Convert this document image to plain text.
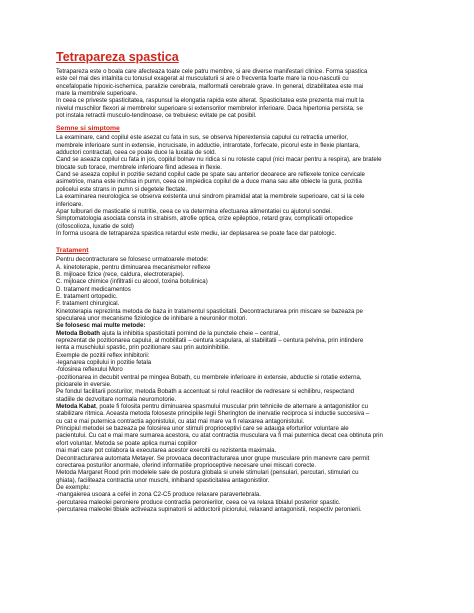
Tetrapareza spastica
Tetrapareza este o boala care afecteaza toate cele patru membre, si are diverse manifestari clinice. Forma spastica
este cel mai des intalnita cu tonusul exagerat al musculaturii si are o frecventa foarte mare la nou-nascutii cu
encefalopatie hipoxic-ischemica, paralizie cerebrala, malformatii cerebrale grave. In general, dizabilitatea este mai
mare la membrele superioare.
In ceea ce priveste spasticitatea, raspunsul la elongatia rapida este alterat. Spasticitatea este prezenta mai mult la
nivelul muschilor flexori ai membrelor superioare si extensorilor membrelor inferioare. Daca hipertonia persista, se
pot instala retractii musculo-tendinoase, ce trebuiesc evitate pe cat posibil.
Semne si simptome
La examinare, cand copilul este asezat cu fata in sus, se observa hiperextensia capului cu retractia umerilor,
membrele inferioare sunt in extensie, incrucisate, in adductie, intrarotate, forfecate, picorul este in flexie plantara,
adductori contractati, ceea ce poate duce la luxatia de sold.
Cand se aseaza copilul cu fata in jos, copilul bolnav nu ridica si nu roteste capul (nici macar pentru a respira), are bratele
blocate sub torace, membrele inferioare fiind adesea in flexie.
Cand se aseaza copilul in pozitie sezand copilul cade pe spate sau anterior deoarece are reflexele tonice cervicale
asimetrice, mana este inchisa in pumn, ceea ce impiedica copilul de a duce mana sau alte obiecte la gura, pozitia
policelui este strans in pumn si degetele flectate.
La examinarea neurologica se observa existenta unui sindrom piramidal atat la membrele superioare, cat si la cele
inferioare.
Apar tulburari de masticatie si nutritie, ceea ce va determina efectuarea alimentatiei cu ajutorul sondei.
Simptomatologia asociata consta in strabism, atrofie optica, crize epileptice, retard grav, complicatii ortopedice
(cifoscolioza, luxatie de sold)
In forma usoara de tetrapareza spastica retardul este mediu, iar deplasarea se poate face dar patologic.
Tratament
Pentru decontracturare se folosesc urmatoarele metode:
A. kinetoterapie, pentru diminuarea mecanismelor reflexe
B. mijloace fizice (rece, caldura, electroterapie).
C. mijloace chimice (infiltratii cu alcool, toxina botulinica)
D. tratament medicamentos
E. tratament ortopedic.
F. tratament chirurgical.
Kinetoterapia reprezinta metoda de baza in tratamentul spasticitatii. Decontracturarea prin miscare se bazeaza pe
specularea unor mecanisme fiziologice de inhibare a neuronilor motori.
Se folosesc mai multe metode:
Metoda Bobath ajuta la inhibitia spasticitatii pornind de la punctele cheie – central,
reprezentat de pozitionarea capului, al mobilitatii – centura scapulara, al stabilitatii – centura pelvina, prin intindere
lenta a muschiului spastic, prin pozitionare sau prin autoinhibitie.
Exemple de pozitii reflex inhibitorii:
-leganarea copilului in pozitie fetala
-folosirea reflexului Moro
-pozitionarea in decubit ventral pe mingea Bobath, cu membrele inferioare in extensie, abductie si rotatie externa,
picioarele in eversie.
Pe fondul facilitarii posturilor, metoda Bobath a accentuat si rolul reactiilor de redresare si echilibru, respectand
stadiile de dezvoltare normala neuromotorie.
Metoda Kabat, poate fi folosita pentru diminuarea spasmului muscular prin tehnicile de alternare a antagonistilor cu
stabilizare ritmica. Aceasta metoda foloseste principiile legii Sherington de inervatie reciproca si inductie succesiva –
cu cat e mai puternica contractia agonistului, cu atat mai mare va fi relaxarea antagonistului.
Principiul metodei se bazeaza pe folosirea unor stimuli proprioceptivi care se adauga eforturilor voluntare ale
pacientului. Cu cat e mai mare sumarea acestora, cu atat contractia musculara va fi mai puternica decat cea obtinuta prin
efort voluntar. Metoda se poate aplica numai copiilor
mai mari care pot colabora la executarea acestor exercitii cu rezistenta maximala.
Decontracturarea automata Metayer. Se provoaca decontracturarea unor grupe musculare prin manevre care permit
corectarea posturilor anormale, oferind informatiile proprioceptive necesare unei miscari corecte.
Metoda Margaret Rood prin modelele sale de postura globala si unele stimulari (pensulari, percutari, stimulari cu
ghiata), faciliteaza contractia unor muschi, inhiband spasticitatea antagonistilor.
De exemplu:
-mangaierea usoara a cefei in zona C2-C5 produce relaxare paravertebrala.
-percutarea maleolei peroniere produce contractia peronierilor, ceea ce va relaxa tibialul posterior spastic.
-percutarea maleolei tibiale activeaza supinatorii si adductorii piciorului, relaxand antagonistii, respectiv peronierii.
